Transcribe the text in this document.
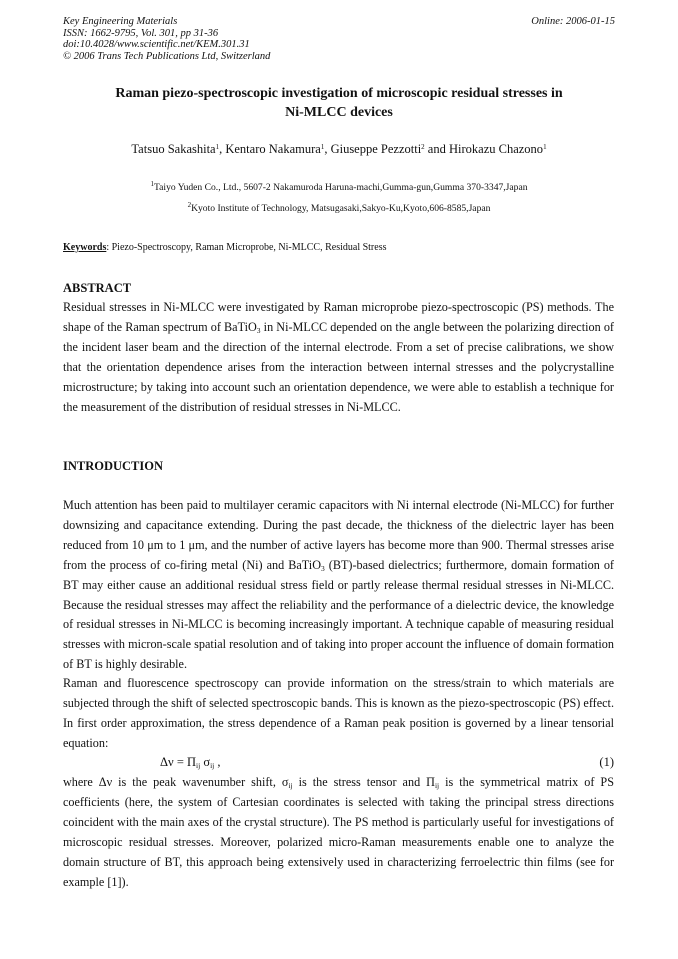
Key Engineering Materials
ISSN: 1662-9795, Vol. 301, pp 31-36
doi:10.4028/www.scientific.net/KEM.301.31
© 2006 Trans Tech Publications Ltd, Switzerland
Online: 2006-01-15
Raman piezo-spectroscopic investigation of microscopic residual stresses in
Ni-MLCC devices
Tatsuo Sakashita$^1$, Kentaro Nakamura$^1$, Giuseppe Pezzotti$^2$ and Hirokazu Chazono$^1$
$^1$Taiyo Yuden Co., Ltd., 5607-2 Nakamuroda Haruna-machi,Gumma-gun,Gumma 370-3347,Japan
$^2$Kyoto Institute of Technology, Matsugasaki,Sakyo-Ku,Kyoto,606-8585,Japan
Keywords: Piezo-Spectroscopy, Raman Microprobe, Ni-MLCC, Residual Stress
ABSTRACT
Residual stresses in Ni-MLCC were investigated by Raman microprobe piezo-spectroscopic (PS) methods. The shape of the Raman spectrum of BaTiO$_3$ in Ni-MLCC depended on the angle between the polarizing direction of the incident laser beam and the direction of the internal electrode. From a set of precise calibrations, we show that the orientation dependence arises from the interaction between internal stresses and the polycrystalline microstructure; by taking into account such an orientation dependence, we were able to establish a technique for the measurement of the distribution of residual stresses in Ni-MLCC.
INTRODUCTION
Much attention has been paid to multilayer ceramic capacitors with Ni internal electrode (Ni-MLCC) for further downsizing and capacitance extending. During the past decade, the thickness of the dielectric layer has been reduced from 10 μm to 1 μm, and the number of active layers has become more than 900. Thermal stresses arise from the process of co-firing metal (Ni) and BaTiO$_3$ (BT)-based dielectrics; furthermore, domain formation of BT may either cause an additional residual stress field or partly release thermal residual stresses in Ni-MLCC. Because the residual stresses may affect the reliability and the performance of a dielectric device, the knowledge of residual stresses in Ni-MLCC is becoming increasingly important. A technique capable of measuring residual stresses with micron-scale spatial resolution and of taking into proper account the influence of domain formation of BT is highly desirable.
Raman and fluorescence spectroscopy can provide information on the stress/strain to which materials are subjected through the shift of selected spectroscopic bands. This is known as the piezo-spectroscopic (PS) effect. In first order approximation, the stress dependence of a Raman peak position is governed by a linear tensorial equation:
$\Delta\nu = \Pi_{ij}$ $\sigma_{ij}$ ,	(1)
where Δν is the peak wavenumber shift, $\sigma_{ij}$ is the stress tensor and $\Pi_{ij}$ is the symmetrical matrix of PS coefficients (here, the system of Cartesian coordinates is selected with taking the principal stress directions coincident with the main axes of the crystal structure). The PS method is particularly useful for investigations of microscopic residual stresses. Moreover, polarized micro-Raman measurements enable one to analyze the domain structure of BT, this approach being extensively used in characterizing ferroelectric thin films (see for example [1]).
